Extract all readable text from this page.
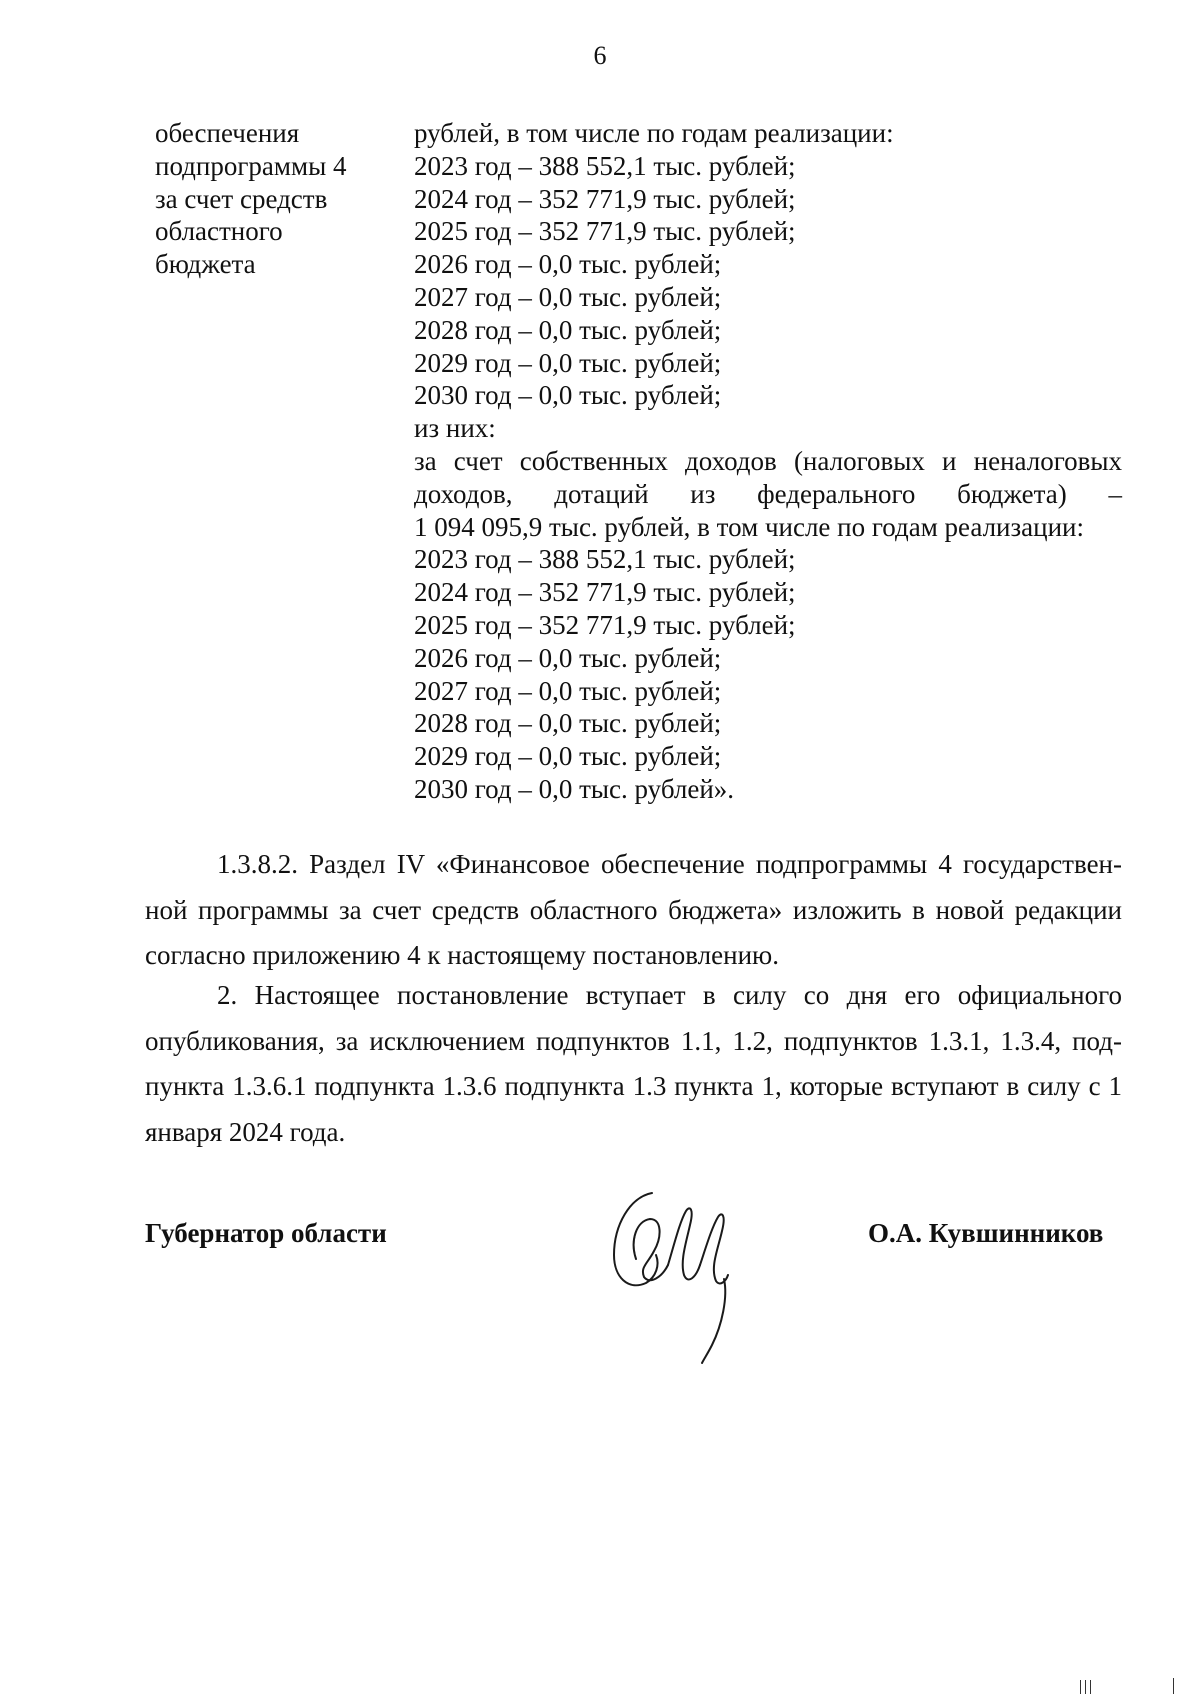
6
обеспечения
подпрограммы 4
за счет средств
областного
бюджета
рублей, в том числе по годам реализации:
2023 год – 388 552,1 тыс. рублей;
2024 год – 352 771,9 тыс. рублей;
2025 год – 352 771,9 тыс. рублей;
2026 год – 0,0 тыс. рублей;
2027 год – 0,0 тыс. рублей;
2028 год – 0,0 тыс. рублей;
2029 год – 0,0 тыс. рублей;
2030 год – 0,0 тыс. рублей;
из них:
за счет собственных доходов (налоговых и неналоговых
доходов, дотаций из федерального бюджета) –
1 094 095,9 тыс. рублей, в том числе по годам реализации:
2023 год – 388 552,1 тыс. рублей;
2024 год – 352 771,9 тыс. рублей;
2025 год – 352 771,9 тыс. рублей;
2026 год – 0,0 тыс. рублей;
2027 год – 0,0 тыс. рублей;
2028 год – 0,0 тыс. рублей;
2029 год – 0,0 тыс. рублей;
2030 год – 0,0 тыс. рублей».

1.3.8.2. Раздел IV «Финансовое обеспечение подпрограммы 4 государствен-ной программы за счет средств областного бюджета» изложить в новой редакции согласно приложению 4 к настоящему постановлению.

2. Настоящее постановление вступает в силу со дня его официального опубликования, за исключением подпунктов 1.1, 1.2, подпунктов 1.3.1, 1.3.4, под-пункта 1.3.6.1 подпункта 1.3.6 подпункта 1.3 пункта 1, которые вступают в силу с 1 января 2024 года.

Губернатор области	О.А. Кувшинников
